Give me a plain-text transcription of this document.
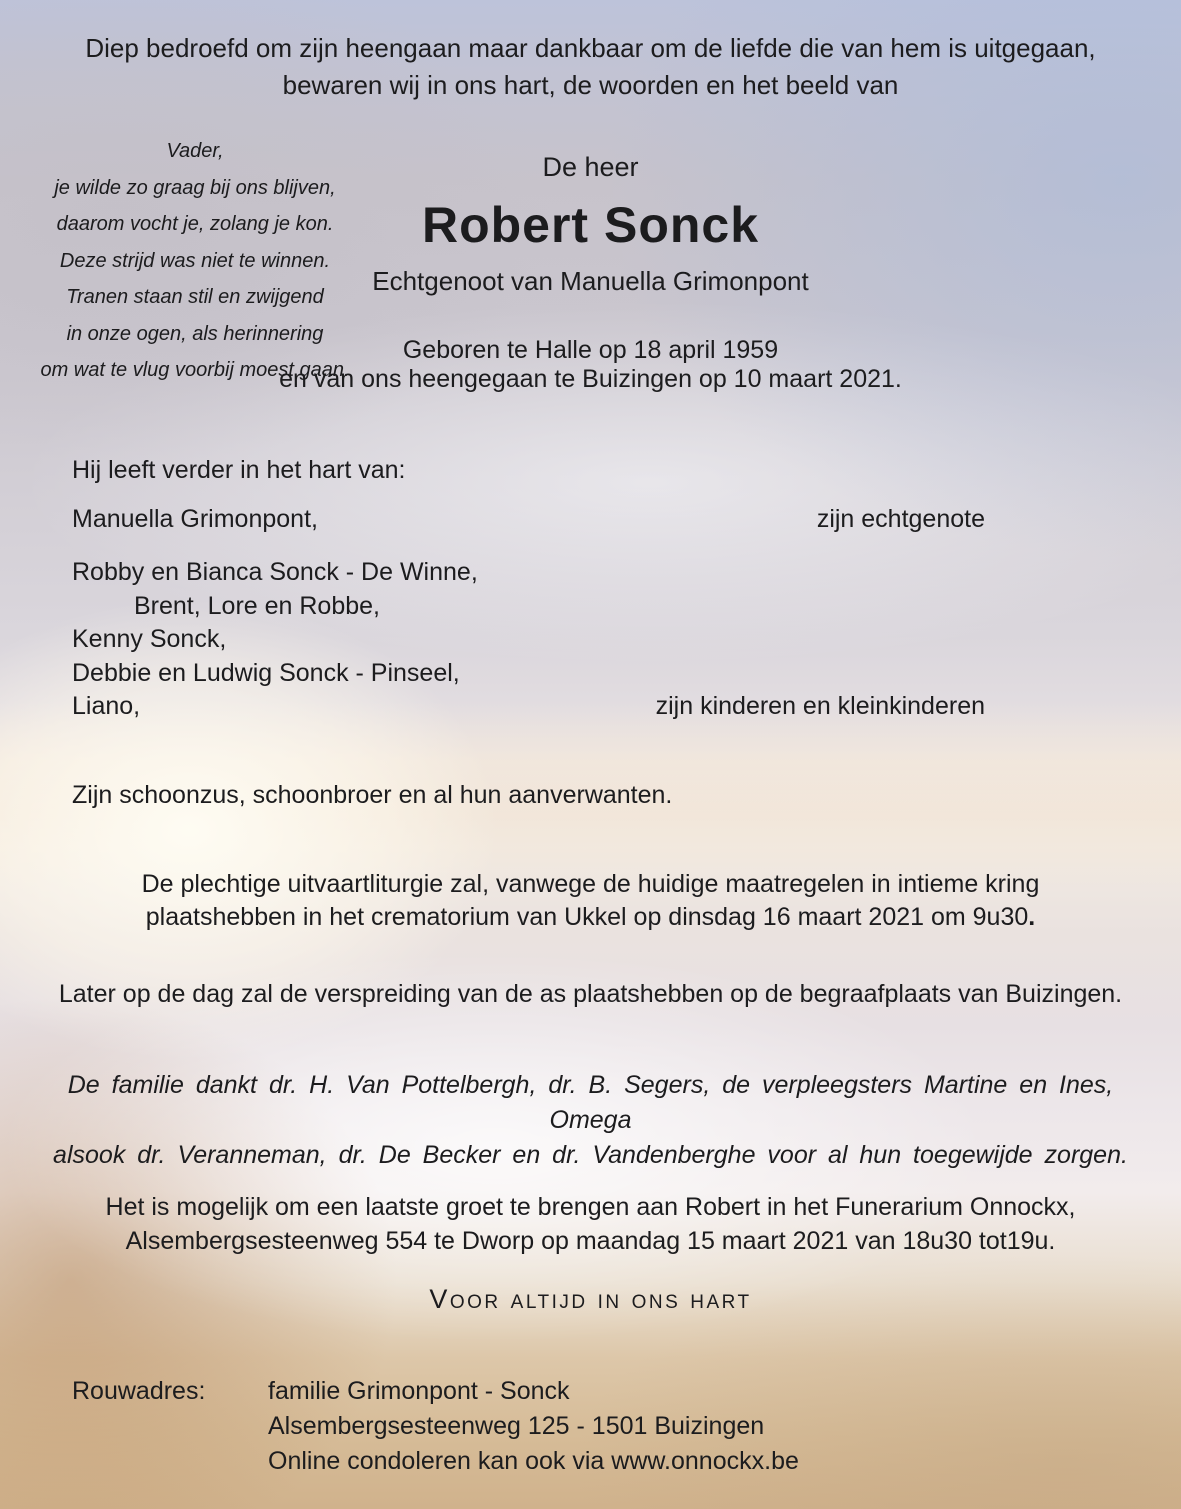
Diep bedroefd om zijn heengaan maar dankbaar om de liefde die van hem is uitgegaan,
bewaren wij in ons hart, de woorden en het beeld van
Vader,
je wilde zo graag bij ons blijven,
daarom vocht je, zolang je kon.
Deze strijd was niet te winnen.
Tranen staan stil en zwijgend
in onze ogen, als herinnering
om wat te vlug voorbij moest gaan.
De heer
Robert Sonck
Echtgenoot van Manuella Grimonpont
Geboren te Halle op 18 april 1959
en van ons heengegaan te Buizingen op 10 maart 2021.
Hij leeft verder in het hart van:
Manuella Grimonpont,	zijn echtgenote
Robby en Bianca Sonck - De Winne,
Brent, Lore en Robbe,
Kenny Sonck,
Debbie en Ludwig Sonck - Pinseel,
Liano,	zijn kinderen en kleinkinderen
Zijn schoonzus, schoonbroer en al hun aanverwanten.
De plechtige uitvaartliturgie zal, vanwege de huidige maatregelen in intieme kring
plaatshebben in het crematorium van Ukkel op dinsdag 16 maart 2021 om 9u30.
Later op de dag zal de verspreiding van de as plaatshebben op de begraafplaats van Buizingen.
De familie dankt dr. H. Van Pottelbergh, dr. B. Segers, de verpleegsters Martine en Ines, Omega
alsook dr. Veranneman, dr. De Becker en dr. Vandenberghe voor al hun toegewijde zorgen.
Het is mogelijk om een laatste groet te brengen aan Robert in het Funerarium Onnockx,
Alsembergsesteenweg 554 te Dworp op maandag 15 maart 2021 van 18u30 tot19u.
Voor altijd in ons hart
Rouwadres:	familie Grimonpont - Sonck
Alsembergsesteenweg 125 - 1501 Buizingen
Online condoleren kan ook via www.onnockx.be
